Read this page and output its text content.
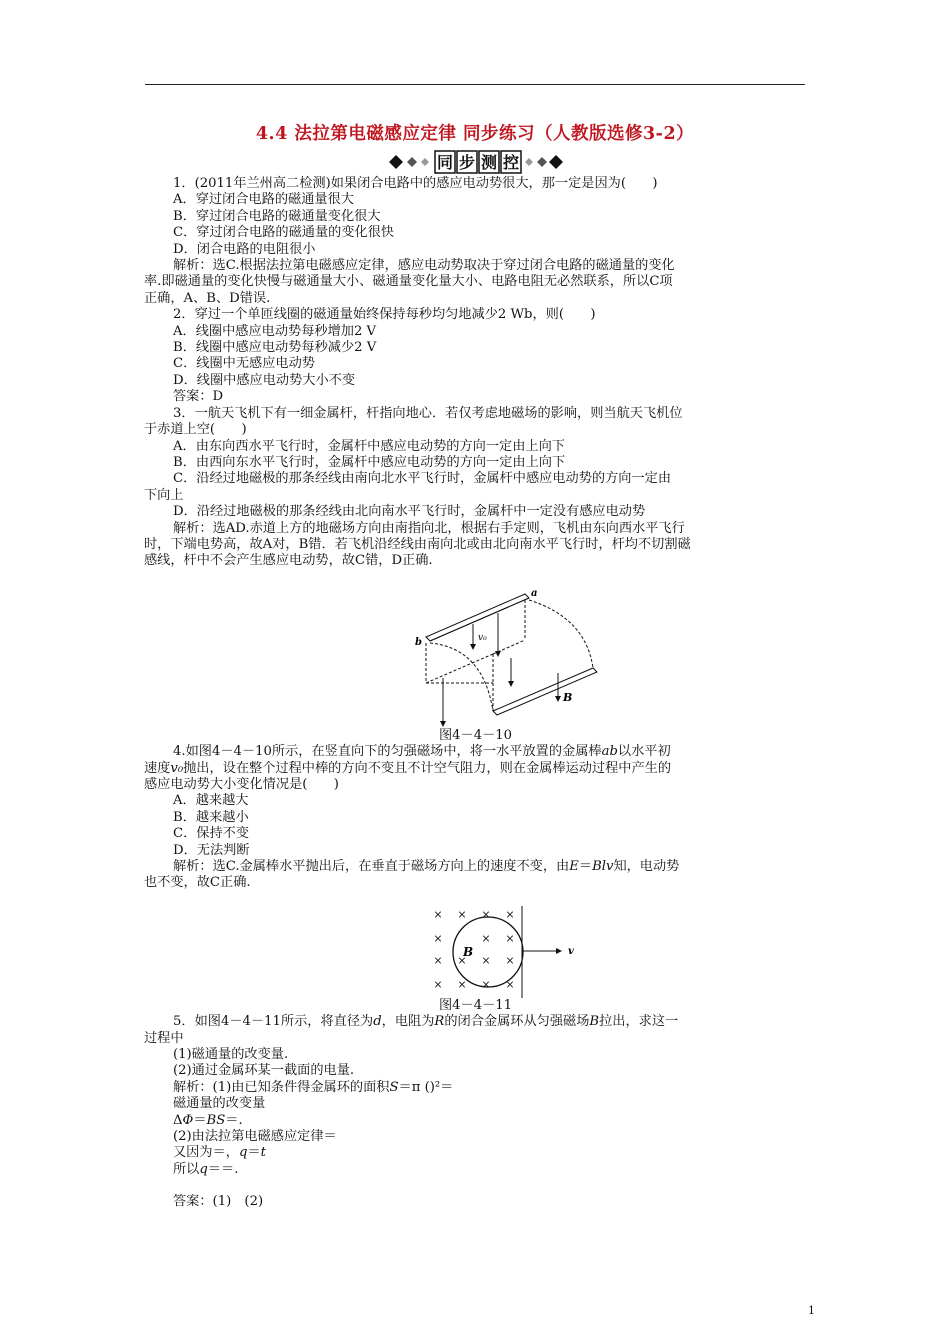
4.4 法拉第电磁感应定律 同步练习（人教版选修3-2）
同 步 测 控

1．(2011年兰州高二检测)如果闭合电路中的感应电动势很大，那一定是因为(　　)

A．穿过闭合电路的磁通量很大

B．穿过闭合电路的磁通量变化很大

C．穿过闭合电路的磁通量的变化很快

D．闭合电路的电阻很小

解析：选C.根据法拉第电磁感应定律，感应电动势取决于穿过闭合电路的磁通量的变化

率.即磁通量的变化快慢与磁通量大小、磁通量变化量大小、电路电阻无必然联系，所以C项

正确，A、B、D错误.

2．穿过一个单匝线圈的磁通量始终保持每秒均匀地减少2 Wb，则(　　)

A．线圈中感应电动势每秒增加2 V

B．线圈中感应电动势每秒减少2 V

C．线圈中无感应电动势

D．线圈中感应电动势大小不变

答案：D

3．一航天飞机下有一细金属杆，杆指向地心．若仅考虑地磁场的影响，则当航天飞机位

于赤道上空(　　)

A．由东向西水平飞行时，金属杆中感应电动势的方向一定由上向下

B．由西向东水平飞行时，金属杆中感应电动势的方向一定由上向下

C．沿经过地磁极的那条经线由南向北水平飞行时，金属杆中感应电动势的方向一定由

下向上

D．沿经过地磁极的那条经线由北向南水平飞行时，金属杆中一定没有感应电动势

解析：选AD.赤道上方的地磁场方向由南指向北，根据右手定则，飞机由东向西水平飞行

时，下端电势高，故A对，B错．若飞机沿经线由南向北或由北向南水平飞行时，杆均不切割磁

感线，杆中不会产生感应电动势，故C错，D正确.

a
b	v₀
B

图4－4－10

4.如图4－4－10所示，在竖直向下的匀强磁场中，将一水平放置的金属棒ab以水平初

速度v₀抛出，设在整个过程中棒的方向不变且不计空气阻力，则在金属棒运动过程中产生的

感应电动势大小变化情况是(　　)

A．越来越大

B．越来越小

C．保持不变

D．无法判断

解析：选C.金属棒水平抛出后，在垂直于磁场方向上的速度不变，由E＝Blv知，电动势

也不变，故C正确.

× × × ×
×	× ×
× × × ×
× × × ×
B	v

图4－4－11

5．如图4－4－11所示，将直径为d，电阻为R的闭合金属环从匀强磁场B拉出，求这一

过程中

(1)磁通量的改变量.

(2)通过金属环某一截面的电量.

解析：(1)由已知条件得金属环的面积S＝π ()²＝

磁通量的改变量

ΔΦ＝BS＝.

(2)由法拉第电磁感应定律＝

又因为＝，q＝t

所以q＝＝.

答案：(1)　(2)

1
